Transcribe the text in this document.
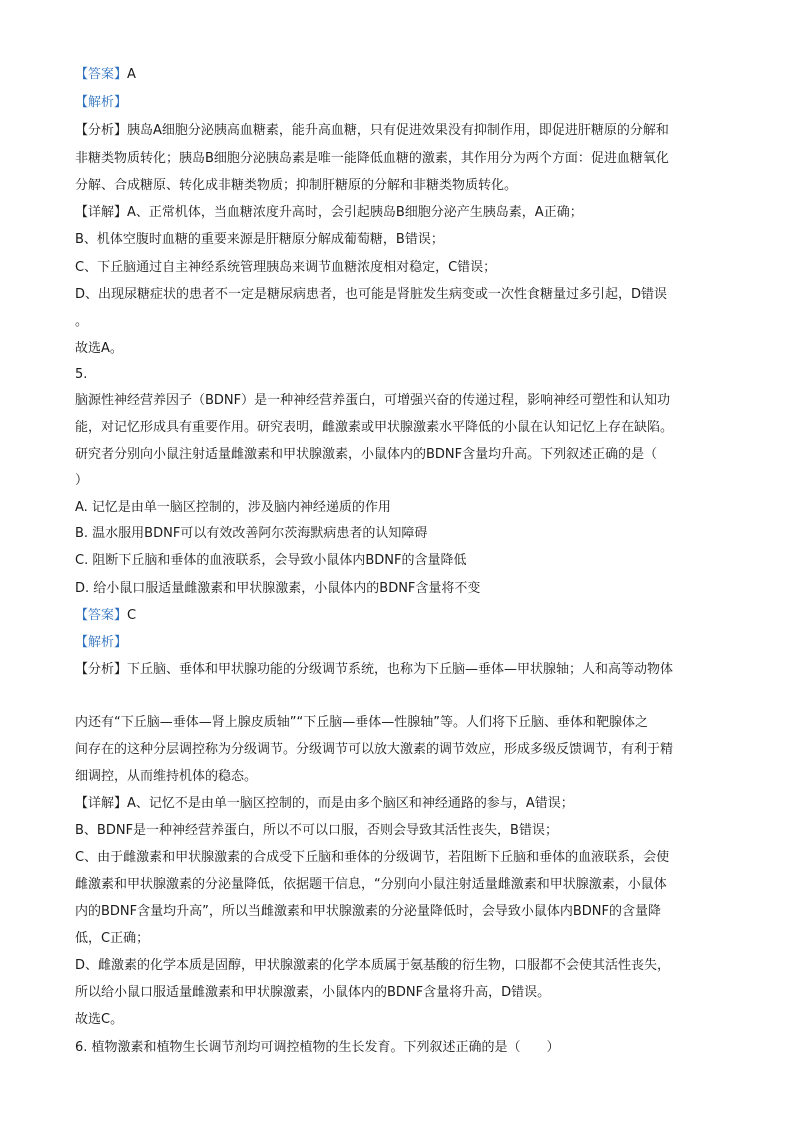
【答案】A
【解析】
【分析】胰岛A细胞分泌胰高血糖素，能升高血糖，只有促进效果没有抑制作用，即促进肝糖原的分解和
非糖类物质转化；胰岛B细胞分泌胰岛素是唯一能降低血糖的激素，其作用分为两个方面：促进血糖氧化
分解、合成糖原、转化成非糖类物质；抑制肝糖原的分解和非糖类物质转化。
【详解】A、正常机体，当血糖浓度升高时，会引起胰岛B细胞分泌产生胰岛素，A正确；
B、机体空腹时血糖的重要来源是肝糖原分解成葡萄糖，B错误；
C、下丘脑通过自主神经系统管理胰岛来调节血糖浓度相对稳定，C错误；
D、出现尿糖症状的患者不一定是糖尿病患者，也可能是肾脏发生病变或一次性食糖量过多引起，D错误
。
故选A。
5.
脑源性神经营养因子（BDNF）是一种神经营养蛋白，可增强兴奋的传递过程，影响神经可塑性和认知功
能，对记忆形成具有重要作用。研究表明，雌激素或甲状腺激素水平降低的小鼠在认知记忆上存在缺陷。
研究者分别向小鼠注射适量雌激素和甲状腺激素，小鼠体内的BDNF含量均升高。下列叙述正确的是（
）
A. 记忆是由单一脑区控制的，涉及脑内神经递质的作用
B. 温水服用BDNF可以有效改善阿尔茨海默病患者的认知障碍
C. 阻断下丘脑和垂体的血液联系，会导致小鼠体内BDNF的含量降低
D. 给小鼠口服适量雌激素和甲状腺激素，小鼠体内的BDNF含量将不变
【答案】C
【解析】
【分析】下丘脑、垂体和甲状腺功能的分级调节系统，也称为下丘脑—垂体—甲状腺轴；人和高等动物体
内还有“下丘脑—垂体—肾上腺皮质轴”“下丘脑—垂体—性腺轴”等。人们将下丘脑、垂体和靶腺体之
间存在的这种分层调控称为分级调节。分级调节可以放大激素的调节效应，形成多级反馈调节，有利于精
细调控，从而维持机体的稳态。
【详解】A、记忆不是由单一脑区控制的，而是由多个脑区和神经通路的参与，A错误；
B、BDNF是一种神经营养蛋白，所以不可以口服，否则会导致其活性丧失，B错误；
C、由于雌激素和甲状腺激素的合成受下丘脑和垂体的分级调节，若阻断下丘脑和垂体的血液联系，会使
雌激素和甲状腺激素的分泌量降低，依据题干信息，“分别向小鼠注射适量雌激素和甲状腺激素，小鼠体
内的BDNF含量均升高”，所以当雌激素和甲状腺激素的分泌量降低时，会导致小鼠体内BDNF的含量降
低，C正确；
D、雌激素的化学本质是固醇，甲状腺激素的化学本质属于氨基酸的衍生物，口服都不会使其活性丧失，
所以给小鼠口服适量雌激素和甲状腺激素，小鼠体内的BDNF含量将升高，D错误。
故选C。
6. 植物激素和植物生长调节剂均可调控植物的生长发育。下列叙述正确的是（　　）
